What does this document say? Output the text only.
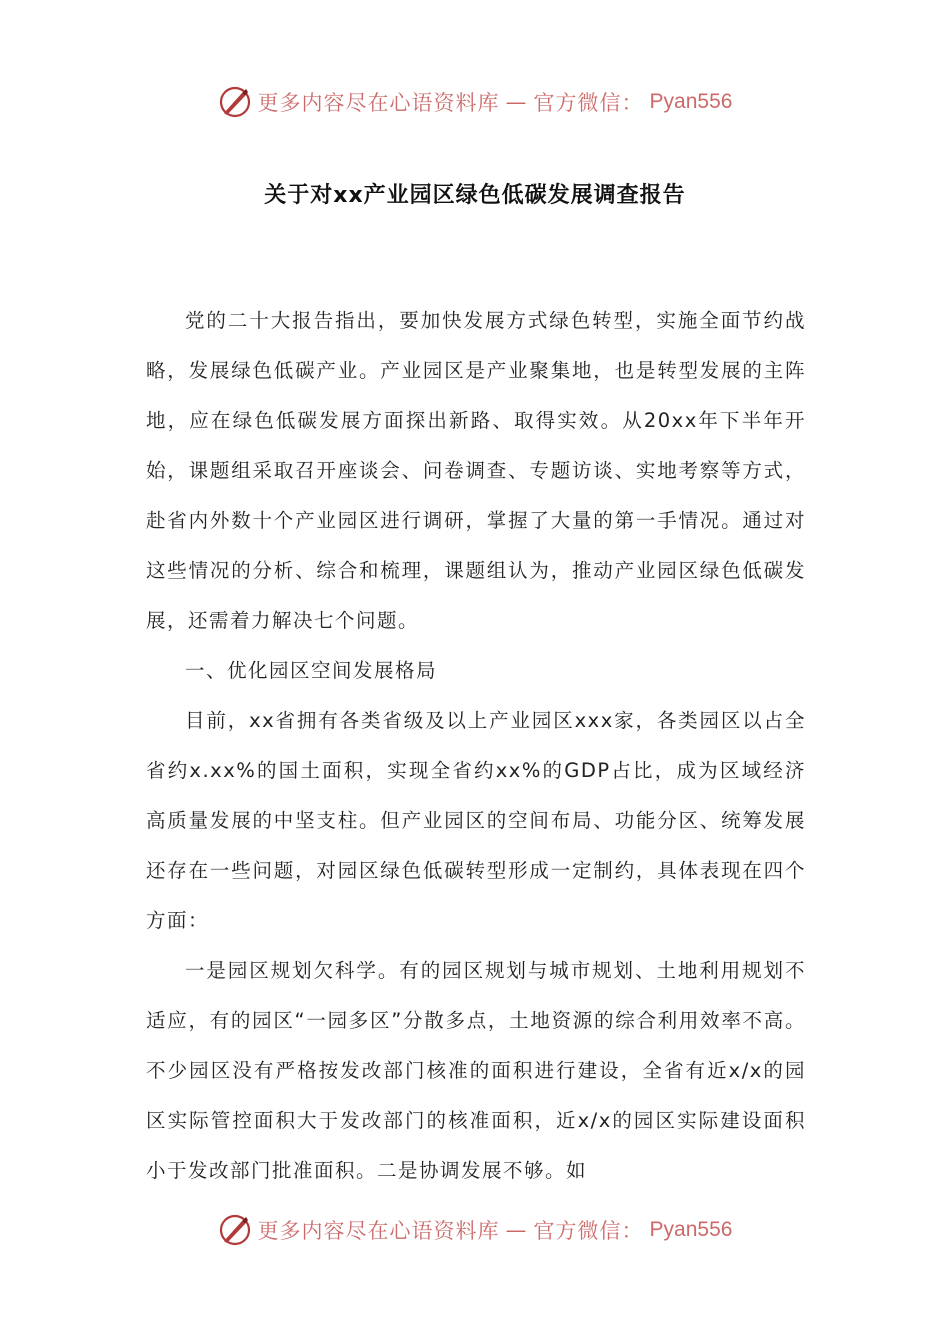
更多内容尽在心语资料库 — 官方微信： Pyan556
关于对xx产业园区绿色低碳发展调查报告

党的二十大报告指出，要加快发展方式绿色转型，实施全面节约战略，发展绿色低碳产业。产业园区是产业聚集地，也是转型发展的主阵地，应在绿色低碳发展方面探出新路、取得实效。从20xx年下半年开始，课题组采取召开座谈会、问卷调查、专题访谈、实地考察等方式，赴省内外数十个产业园区进行调研，掌握了大量的第一手情况。通过对这些情况的分析、综合和梳理，课题组认为，推动产业园区绿色低碳发展，还需着力解决七个问题。

一、优化园区空间发展格局

目前，xx省拥有各类省级及以上产业园区xxx家，各类园区以占全省约x.xx%的国土面积，实现全省约xx%的GDP占比，成为区域经济高质量发展的中坚支柱。但产业园区的空间布局、功能分区、统筹发展还存在一些问题，对园区绿色低碳转型形成一定制约，具体表现在四个方面：

一是园区规划欠科学。有的园区规划与城市规划、土地利用规划不适应，有的园区“一园多区”分散多点，土地资源的综合利用效率不高。不少园区没有严格按发改部门核准的面积进行建设，全省有近x/x的园区实际管控面积大于发改部门的核准面积，近x/x的园区实际建设面积小于发改部门批准面积。二是协调发展不够。如

更多内容尽在心语资料库 — 官方微信： Pyan556
